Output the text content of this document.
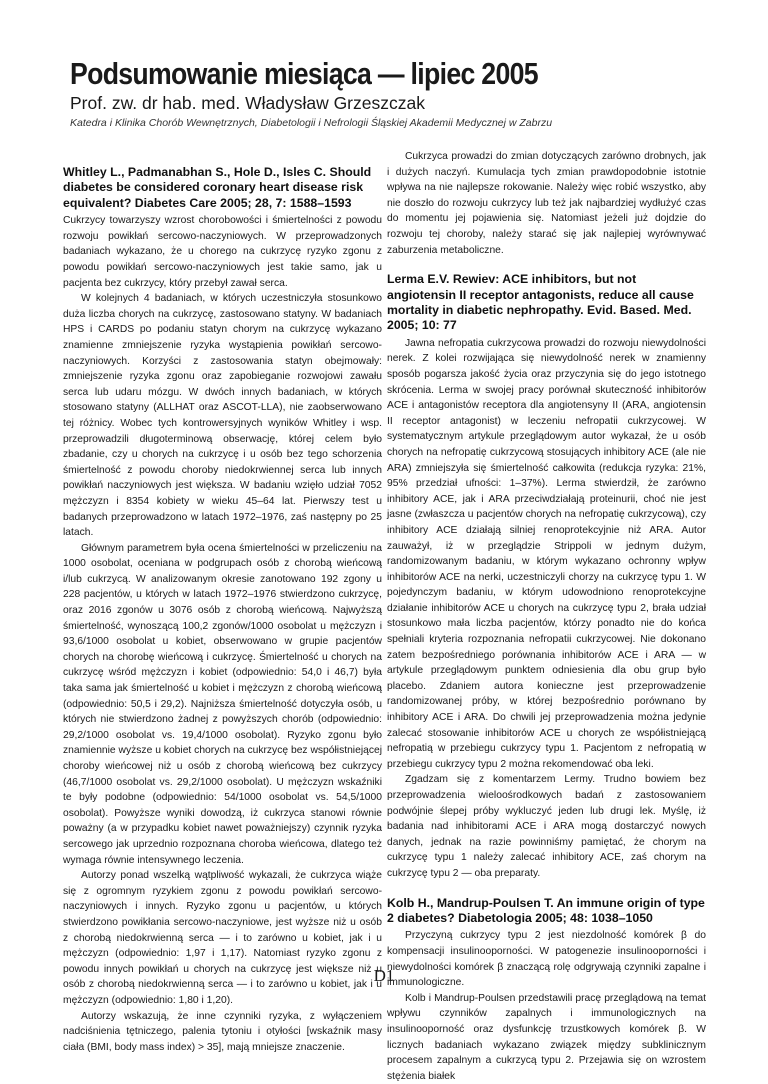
Podsumowanie miesiąca — lipiec 2005

Prof. zw. dr hab. med. Władysław Grzeszczak

Katedra i Klinika Chorób Wewnętrznych, Diabetologii i Nefrologii Śląskiej Akademii Medycznej w Zabrzu

Whitley L., Padmanabhan S., Hole D., Isles C. Should diabetes be considered coronary heart disease risk equivalent? Diabetes Care 2005; 28, 7: 1588–1593

Cukrzycy towarzyszy wzrost chorobowości i śmiertelności z powodu rozwoju powikłań sercowo-naczyniowych. W przeprowadzonych badaniach wykazano, że u chorego na cukrzycę ryzyko zgonu z powodu powikłań sercowo-naczyniowych jest takie samo, jak u pacjenta bez cukrzycy, który przebył zawał serca.

W kolejnych 4 badaniach, w których uczestniczyła stosunkowo duża liczba chorych na cukrzycę, zastosowano statyny. W badaniach HPS i CARDS po podaniu statyn chorym na cukrzycę wykazano znamienne zmniejszenie ryzyka wystąpienia powikłań sercowo-naczyniowych. Korzyści z zastosowania statyn obejmowały: zmniejszenie ryzyka zgonu oraz zapobieganie rozwojowi zawału serca lub udaru mózgu. W dwóch innych badaniach, w których stosowano statyny (ALLHAT oraz ASCOT-LLA), nie zaobserwowano tej różnicy. Wobec tych kontrowersyjnych wyników Whitley i wsp. przeprowadzili długoterminową obserwację, której celem było zbadanie, czy u chorych na cukrzycę i u osób bez tego schorzenia śmiertelność z powodu choroby niedokrwiennej serca lub innych powikłań naczyniowych jest większa. W badaniu wzięło udział 7052 mężczyzn i 8354 kobiety w wieku 45–64 lat. Pierwszy test u badanych przeprowadzono w latach 1972–1976, zaś następny po 25 latach.

Głównym parametrem była ocena śmiertelności w przeliczeniu na 1000 osobolat, oceniana w podgrupach osób z chorobą wieńcową i/lub cukrzycą. W analizowanym okresie zanotowano 192 zgony u 228 pacjentów, u których w latach 1972–1976 stwierdzono cukrzycę, oraz 2016 zgonów u 3076 osób z chorobą wieńcową. Najwyższą śmiertelność, wynoszącą 100,2 zgonów/1000 osobolat u mężczyzn i 93,6/1000 osobolat u kobiet, obserwowano w grupie pacjentów chorych na chorobę wieńcową i cukrzycę. Śmiertelność u chorych na cukrzycę wśród mężczyzn i kobiet (odpowiednio: 54,0 i 46,7) była taka sama jak śmiertelność u kobiet i mężczyzn z chorobą wieńcową (odpowiednio: 50,5 i 29,2). Najniższa śmiertelność dotyczyła osób, u których nie stwierdzono żadnej z powyższych chorób (odpowiednio: 29,2/1000 osobolat vs. 19,4/1000 osobolat). Ryzyko zgonu było znamiennie wyższe u kobiet chorych na cukrzycę bez współistniejącej choroby wieńcowej niż u osób z chorobą wieńcową bez cukrzycy (46,7/1000 osobolat vs. 29,2/1000 osobolat). U mężczyzn wskaźniki te były podobne (odpowiednio: 54/1000 osobolat vs. 54,5/1000 osobolat). Powyższe wyniki dowodzą, iż cukrzyca stanowi równie poważny (a w przypadku kobiet nawet poważniejszy) czynnik ryzyka sercowego jak uprzednio rozpoznana choroba wieńcowa, dlatego też wymaga równie intensywnego leczenia.

Autorzy ponad wszelką wątpliwość wykazali, że cukrzyca wiąże się z ogromnym ryzykiem zgonu z powodu powikłań sercowo-naczyniowych i innych. Ryzyko zgonu u pacjentów, u których stwierdzono powikłania sercowo-naczyniowe, jest wyższe niż u osób z chorobą niedokrwienną serca — i to zarówno u kobiet, jak i u mężczyzn (odpowiednio: 1,97 i 1,17). Natomiast ryzyko zgonu z powodu innych powikłań u chorych na cukrzycę jest większe niż u osób z chorobą niedokrwienną serca — i to zarówno u kobiet, jak i u mężczyzn (odpowiednio: 1,80 i 1,20).

Autorzy wskazują, że inne czynniki ryzyka, z wyłączeniem nadciśnienia tętniczego, palenia tytoniu i otyłości [wskaźnik masy ciała (BMI, body mass index) > 35], mają mniejsze znaczenie.

Cukrzyca prowadzi do zmian dotyczących zarówno drobnych, jak i dużych naczyń. Kumulacja tych zmian prawdopodobnie istotnie wpływa na nie najlepsze rokowanie. Należy więc robić wszystko, aby nie doszło do rozwoju cukrzycy lub też jak najbardziej wydłużyć czas do momentu jej pojawienia się. Natomiast jeżeli już dojdzie do rozwoju tej choroby, należy starać się jak najlepiej wyrównywać zaburzenia metaboliczne.

Lerma E.V. Rewiev: ACE inhibitors, but not angiotensin II receptor antagonists, reduce all cause mortality in diabetic nephropathy. Evid. Based. Med. 2005; 10: 77

Jawna nefropatia cukrzycowa prowadzi do rozwoju niewydolności nerek. Z kolei rozwijająca się niewydolność nerek w znamienny sposób pogarsza jakość życia oraz przyczynia się do jego istotnego skrócenia. Lerma w swojej pracy porównał skuteczność inhibitorów ACE i antagonistów receptora dla angiotensyny II (ARA, angiotensin II receptor antagonist) w leczeniu nefropatii cukrzycowej. W systematycznym artykule przeglądowym autor wykazał, że u osób chorych na nefropatię cukrzycową stosujących inhibitory ACE (ale nie ARA) zmniejszyła się śmiertelność całkowita (redukcja ryzyka: 21%, 95% przedział ufności: 1–37%). Lerma stwierdził, że zarówno inhibitory ACE, jak i ARA przeciwdziałają proteinurii, choć nie jest jasne (zwłaszcza u pacjentów chorych na nefropatię cukrzycową), czy inhibitory ACE działają silniej renoprotekcyjnie niż ARA. Autor zauważył, iż w przeglądzie Strippoli w jednym dużym, randomizowanym badaniu, w którym wykazano ochronny wpływ inhibitorów ACE na nerki, uczestniczyli chorzy na cukrzycę typu 1. W pojedynczym badaniu, w którym udowodniono renoprotekcyjne działanie inhibitorów ACE u chorych na cukrzycę typu 2, brała udział stosunkowo mała liczba pacjentów, którzy ponadto nie do końca spełniali kryteria rozpoznania nefropatii cukrzycowej. Nie dokonano zatem bezpośredniego porównania inhibitorów ACE i ARA — w artykule przeglądowym punktem odniesienia dla obu grup było placebo. Zdaniem autora konieczne jest przeprowadzenie randomizowanej próby, w której bezpośrednio porównano by inhibitory ACE i ARA. Do chwili jej przeprowadzenia można jedynie zalecać stosowanie inhibitorów ACE u chorych ze współistniejącą nefropatią w przebiegu cukrzycy typu 1. Pacjentom z nefropatią w przebiegu cukrzycy typu 2 można rekomendować oba leki.

Zgadzam się z komentarzem Lermy. Trudno bowiem bez przeprowadzenia wieloośrodkowych badań z zastosowaniem podwójnie ślepej próby wykluczyć jeden lub drugi lek. Myślę, iż badania nad inhibitorami ACE i ARA mogą dostarczyć nowych danych, jednak na razie powinniśmy pamiętać, że chorym na cukrzycę typu 1 należy zalecać inhibitory ACE, zaś chorym na cukrzycę typu 2 — oba preparaty.

Kolb H., Mandrup-Poulsen T. An immune origin of type 2 diabetes? Diabetologia 2005; 48: 1038–1050

Przyczyną cukrzycy typu 2 jest niezdolność komórek β do kompensacji insulinooporności. W patogenezie insulinooporności i niewydolności komórek β znaczącą rolę odgrywają czynniki zapalne i immunologiczne.

Kolb i Mandrup-Poulsen przedstawili pracę przeglądową na temat wpływu czynników zapalnych i immunologicznych na insulinooporność oraz dysfunkcję trzustkowych komórek β. W licznych badaniach wykazano związek między subklinicznym procesem zapalnym a cukrzycą typu 2. Przejawia się on wzrostem stężenia białek

D1
